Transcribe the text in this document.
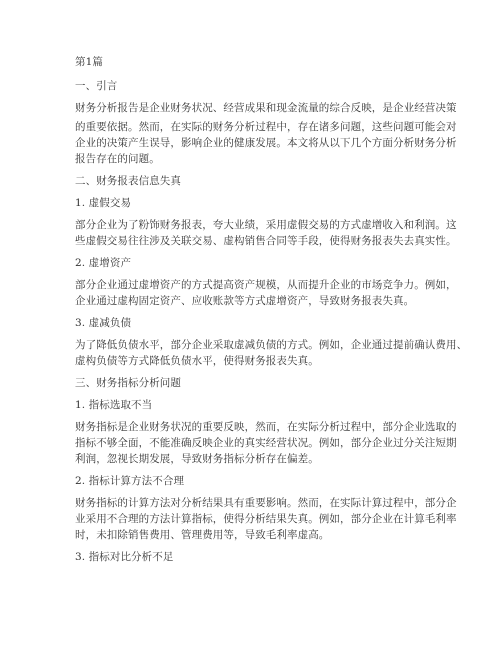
第1篇
一、引言
财务分析报告是企业财务状况、经营成果和现金流量的综合反映，是企业经营决策
的重要依据。然而，在实际的财务分析过程中，存在诸多问题，这些问题可能会对
企业的决策产生误导，影响企业的健康发展。本文将从以下几个方面分析财务分析
报告存在的问题。
二、财务报表信息失真
1. 虚假交易
部分企业为了粉饰财务报表，夸大业绩，采用虚假交易的方式虚增收入和利润。这
些虚假交易往往涉及关联交易、虚构销售合同等手段，使得财务报表失去真实性。
2. 虚增资产
部分企业通过虚增资产的方式提高资产规模，从而提升企业的市场竞争力。例如，
企业通过虚构固定资产、应收账款等方式虚增资产，导致财务报表失真。
3. 虚减负债
为了降低负债水平，部分企业采取虚减负债的方式。例如，企业通过提前确认费用、
虚构负债等方式降低负债水平，使得财务报表失真。
三、财务指标分析问题
1. 指标选取不当
财务指标是企业财务状况的重要反映，然而，在实际分析过程中，部分企业选取的
指标不够全面，不能准确反映企业的真实经营状况。例如，部分企业过分关注短期
利润，忽视长期发展，导致财务指标分析存在偏差。
2. 指标计算方法不合理
财务指标的计算方法对分析结果具有重要影响。然而，在实际计算过程中，部分企
业采用不合理的方法计算指标，使得分析结果失真。例如，部分企业在计算毛利率
时，未扣除销售费用、管理费用等，导致毛利率虚高。
3. 指标对比分析不足
